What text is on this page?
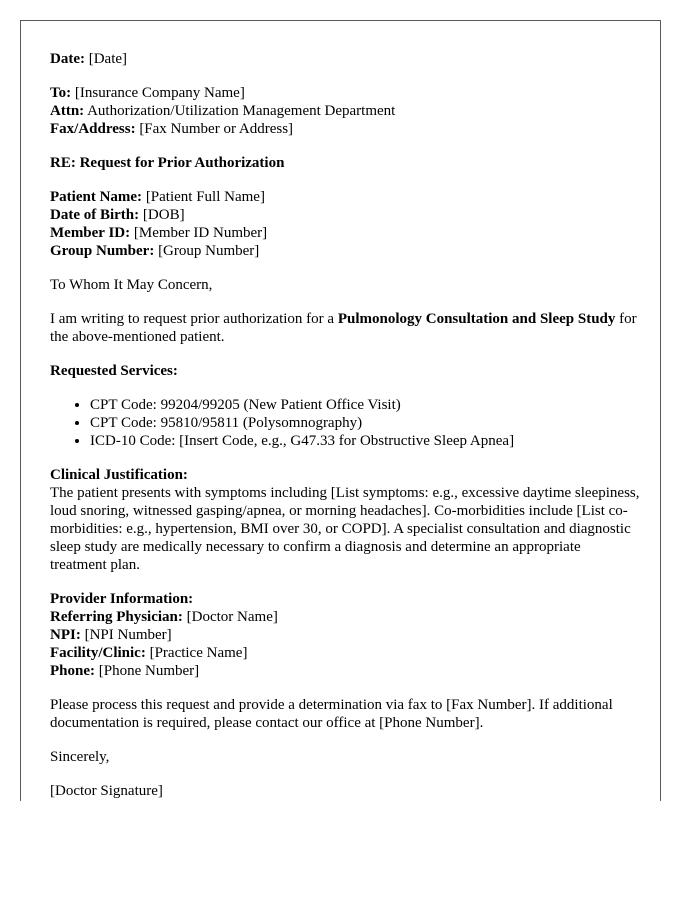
Date: [Date]

To: [Insurance Company Name]
Attn: Authorization/Utilization Management Department
Fax/Address: [Fax Number or Address]

RE: Request for Prior Authorization

Patient Name: [Patient Full Name]
Date of Birth: [DOB]
Member ID: [Member ID Number]
Group Number: [Group Number]

To Whom It May Concern,

I am writing to request prior authorization for a Pulmonology Consultation and Sleep Study for the above-mentioned patient.

Requested Services:

• CPT Code: 99204/99205 (New Patient Office Visit)
• CPT Code: 95810/95811 (Polysomnography)
• ICD-10 Code: [Insert Code, e.g., G47.33 for Obstructive Sleep Apnea]

Clinical Justification:
The patient presents with symptoms including [List symptoms: e.g., excessive daytime sleepiness, loud snoring, witnessed gasping/apnea, or morning headaches]. Co-morbidities include [List co-morbidities: e.g., hypertension, BMI over 30, or COPD]. A specialist consultation and diagnostic sleep study are medically necessary to confirm a diagnosis and determine an appropriate treatment plan.

Provider Information:
Referring Physician: [Doctor Name]
NPI: [NPI Number]
Facility/Clinic: [Practice Name]
Phone: [Phone Number]

Please process this request and provide a determination via fax to [Fax Number]. If additional documentation is required, please contact our office at [Phone Number].

Sincerely,

[Doctor Signature]
